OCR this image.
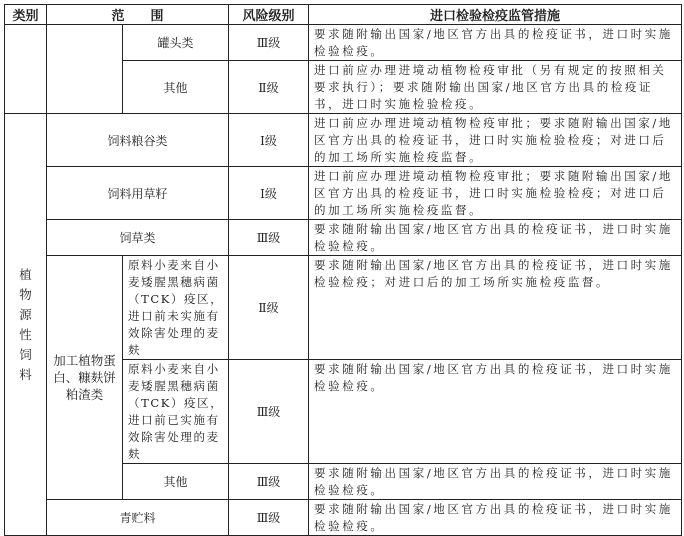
类别	范　　围		风险级别	进口检验检疫监管措施
		罐头类	Ⅲ级	要求随附输出国家/地区官方出具的检疫证书，进口时实施检验检疫。
		其他	Ⅱ级	进口前应办理进境动植物检疫审批（另有规定的按照相关要求执行）；要求随附输出国家/地区官方出具的检疫证书，进口时实施检验检疫。

植物源性饲料	饲料粮谷类		Ⅰ级	进口前应办理进境动植物检疫审批；要求随附输出国家/地区官方出具的检疫证书，进口时实施检验检疫；对进口后的加工场所实施检疫监督。
	饲料用草籽		Ⅰ级	进口前应办理进境动植物检疫审批；要求随附输出国家/地区官方出具的检疫证书，进口时实施检验检疫；对进口后的加工场所实施检疫监督。
	饲草类		Ⅲ级	要求随附输出国家/地区官方出具的检疫证书，进口时实施检验检疫。

	加工植物蛋白、糠麸饼粕渣类	原料小麦来自小麦矮腥黑穗病菌（TCK）疫区，进口前未实施有效除害处理的麦麸	Ⅱ级	要求随附输出国家/地区官方出具的检疫证书，进口时实施检验检疫；对进口后的加工场所实施检疫监督。
		原料小麦来自小麦矮腥黑穗病菌（TCK）疫区，进口前已实施有效除害处理的麦麸	Ⅲ级	要求随附输出国家/地区官方出具的检疫证书，进口时实施检验检疫。
		其他	Ⅲ级	要求随附输出国家/地区官方出具的检疫证书，进口时实施检验检疫。
	青贮料		Ⅲ级	要求随附输出国家/地区官方出具的检疫证书，进口时实施检验检疫。
